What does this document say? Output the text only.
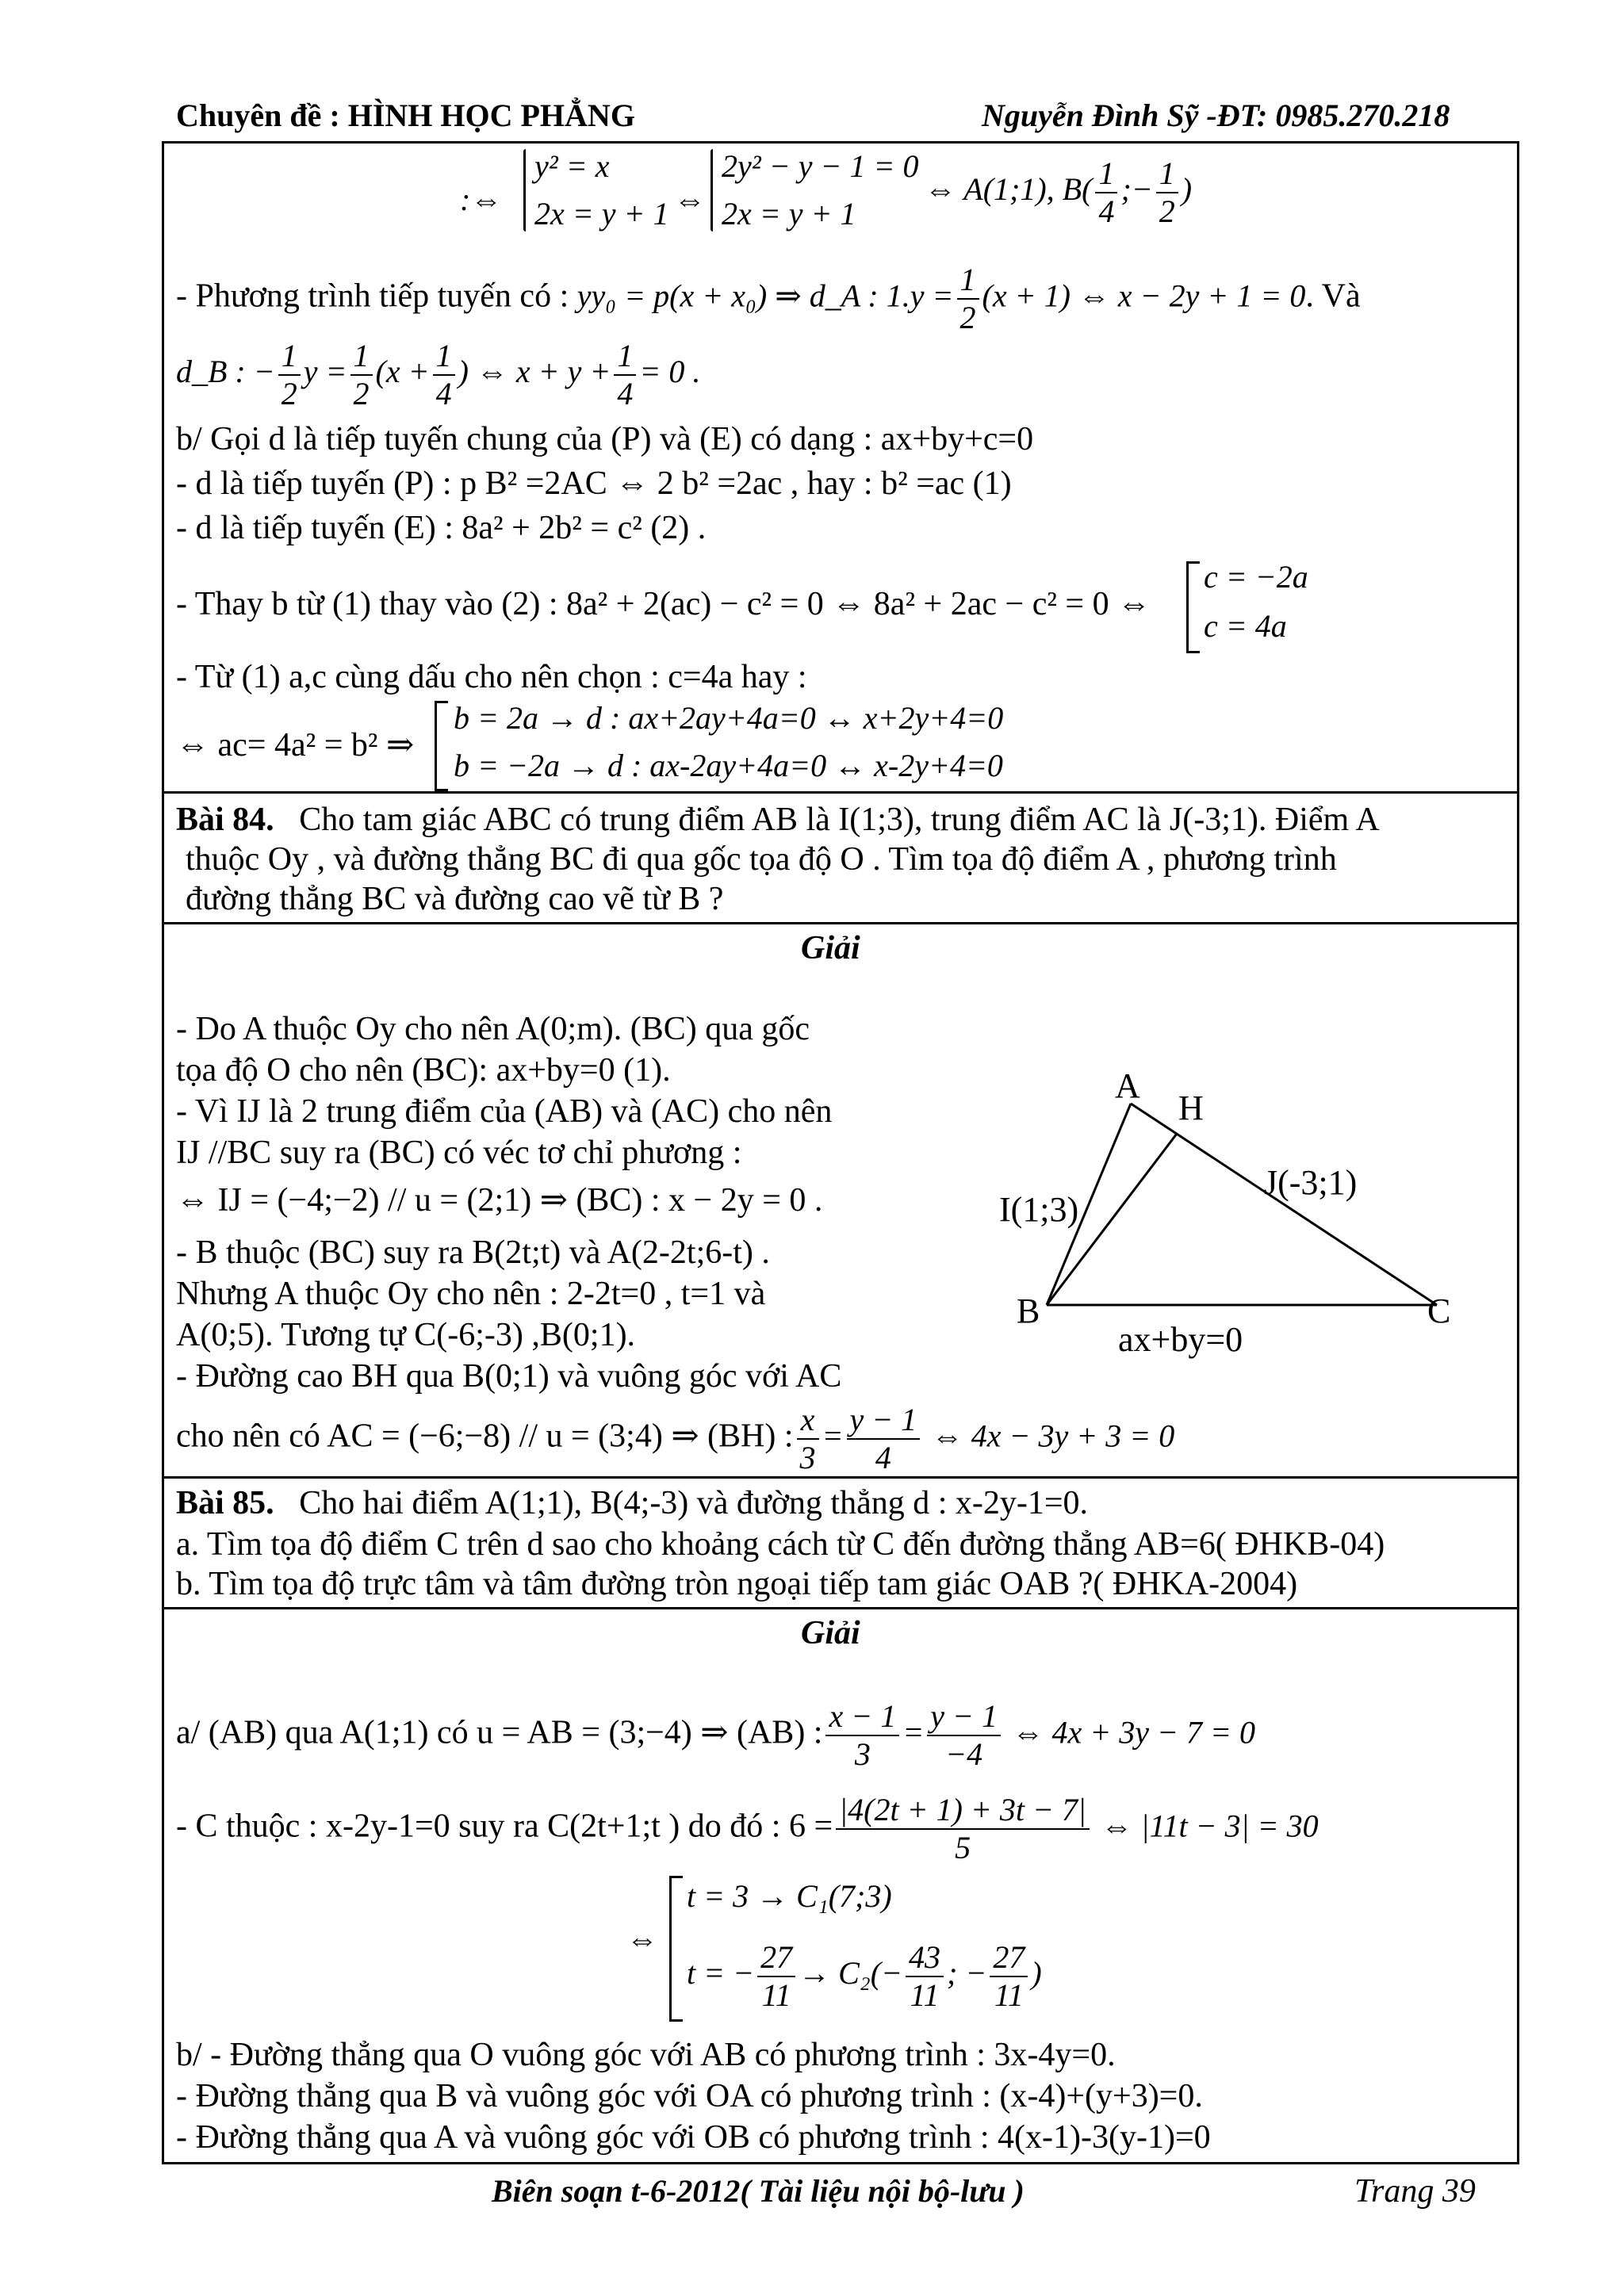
Chuyên đề : HÌNH HỌC PHẲNG	Nguyễn Đình Sỹ -ĐT: 0985.270.218
:⇔
y² = x
2x = y + 1 ⇔
2y² − y − 1 = 0
2x = y + 1
⇔ A(1;1), $B( \frac{1}{4}$ ;− $\frac{1}{2}$ )
- Phương trình tiếp tuyến có : yy₀ = p(x + x₀) ⇒ d_A : $1.y = \frac{1}{2} (x + 1)$ ⇔ x − 2y + 1 = 0. Và
d_B : − $\frac{1}{2}$ $y = \frac{1}{2} (x + \frac{1}{4}$ ) ⇔ $x + y + \frac{1}{4} = 0$ .
b/ Gọi d là tiếp tuyến chung của (P) và (E) có dạng : ax+by+c=0
- d là tiếp tuyến (P) : p B² =2AC ⇔ 2 b² =2ac , hay : b² =ac (1)
- d là tiếp tuyến (E) : 8a² + 2b² = c² (2) .
- Thay b từ (1) thay vào (2) : 8a² + 2(ac) − c² = 0 ⇔ 8a² + 2ac − c² = 0 ⇔
c = −2a
c = 4a
- Từ (1) a,c cùng dấu cho nên chọn : c=4a hay :
⇔ ac= 4a² = b² ⇒
b = 2a → d : ax+2ay+4a=0 ↔ x+2y+4=0
b = −2a → d : ax-2ay+4a=0 ↔ x-2y+4=0
Bài 84. Cho tam giác ABC có trung điểm AB là I(1;3), trung điểm AC là J(-3;1). Điểm A
thuộc Oy , và đường thẳng BC đi qua gốc tọa độ O . Tìm tọa độ điểm A , phương trình
đường thẳng BC và đường cao vẽ từ B ?
Giải
- Do A thuộc Oy cho nên A(0;m). (BC) qua gốc
tọa độ O cho nên (BC): ax+by=0 (1).
- Vì IJ là 2 trung điểm của (AB) và (AC) cho nên
IJ //BC suy ra (BC) có véc tơ chỉ phương :
⇔ IJ = (−4;−2) // u = (2;1) ⇒ (BC) : x − 2y = 0 .
- B thuộc (BC) suy ra B(2t;t) và A(2-2t;6-t) .
Nhưng A thuộc Oy cho nên : 2-2t=0 , t=1 và
A(0;5). Tương tự C(-6;-3) ,B(0;1).
- Đường cao BH qua B(0;1) và vuông góc với AC
cho nên có AC = (−6;−8) // u = (3;4) ⇒ (BH) : $\frac{x}{3} = \frac{y - 1}{4}$ ⇔ 4x − 3y + 3 = 0
A
H
J(-3;1)
I(1;3)
B	C
ax+by=0
Bài 85. Cho hai điểm A(1;1), B(4;-3) và đường thẳng d : x-2y-1=0.
a. Tìm tọa độ điểm C trên d sao cho khoảng cách từ C đến đường thẳng AB=6( ĐHKB-04)
b. Tìm tọa độ trực tâm và tâm đường tròn ngoại tiếp tam giác OAB ?( ĐHKA-2004)
Giải
a/ (AB) qua A(1;1) có u = AB = (3;−4) ⇒ (AB) : $\frac{x - 1}{3} = \frac{y - 1}{-4}$ ⇔ 4x + 3y − 7 = 0
- C thuộc : x-2y-1=0 suy ra C(2t+1;t ) do đó : $6 = \frac{|4(2t + 1) + 3t - 7|}{5}$ ⇔ |11t − 3| = 30
⇔
t = 3 → C₁(7;3)
t = − $\frac{27}{11} \to C_2(- \frac{43}{11}$ ; − $\frac{27}{11}$ )
b/ - Đường thẳng qua O vuông góc với AB có phương trình : 3x-4y=0.
- Đường thẳng qua B và vuông góc với OA có phương trình : (x-4)+(y+3)=0.
- Đường thẳng qua A và vuông góc với OB có phương trình : 4(x-1)-3(y-1)=0
Biên soạn t-6-2012( Tài liệu nội bộ-lưu )	Trang 39
